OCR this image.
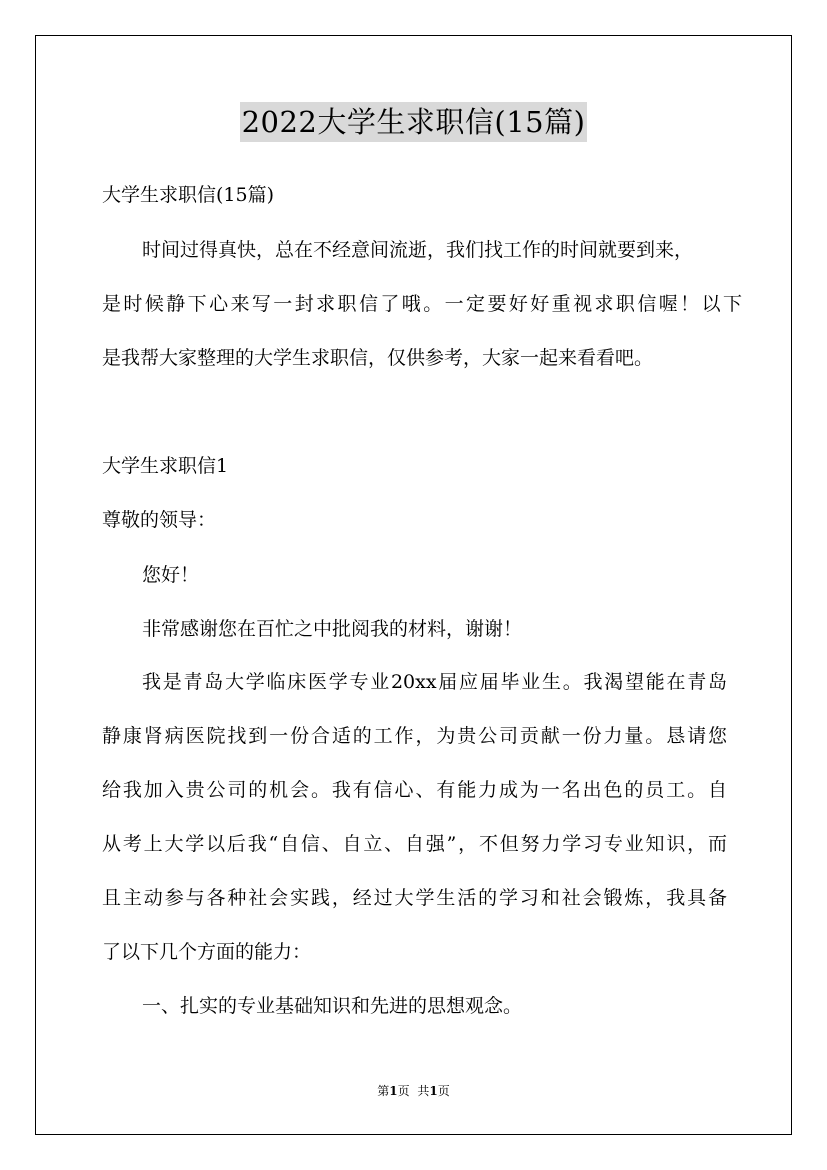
2022大学生求职信(15篇)
大学生求职信(15篇)
时间过得真快，总在不经意间流逝，我们找工作的时间就要到来，
是时候静下心来写一封求职信了哦。一定要好好重视求职信喔！以下
是我帮大家整理的大学生求职信，仅供参考，大家一起来看看吧。
大学生求职信1
尊敬的领导：
您好！
非常感谢您在百忙之中批阅我的材料，谢谢！
我是青岛大学临床医学专业20xx届应届毕业生。我渴望能在青岛
静康肾病医院找到一份合适的工作，为贵公司贡献一份力量。恳请您
给我加入贵公司的机会。我有信心、有能力成为一名出色的员工。自
从考上大学以后我“自信、自立、自强”，不但努力学习专业知识，而
且主动参与各种社会实践，经过大学生活的学习和社会锻炼，我具备
了以下几个方面的能力：
一、扎实的专业基础知识和先进的思想观念。
第1页 共1页
